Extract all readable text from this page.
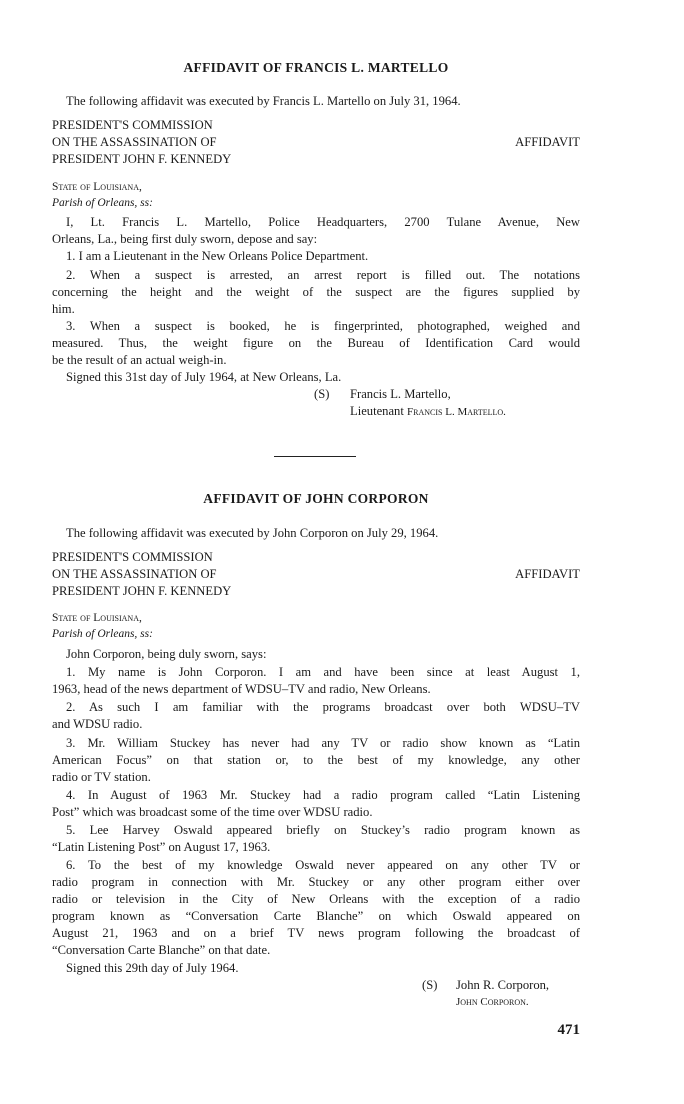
AFFIDAVIT OF FRANCIS L. MARTELLO
The following affidavit was executed by Francis L. Martello on July 31, 1964.
PRESIDENT'S COMMISSION
ON THE ASSASSINATION OF	AFFIDAVIT
PRESIDENT JOHN F. KENNEDY
State of Louisiana,
Parish of Orleans, ss:
I, Lt. Francis L. Martello, Police Headquarters, 2700 Tulane Avenue, New
Orleans, La., being first duly sworn, depose and say:
1. I am a Lieutenant in the New Orleans Police Department.
2. When a suspect is arrested, an arrest report is filled out. The notations
concerning the height and the weight of the suspect are the figures supplied by
him.
3. When a suspect is booked, he is fingerprinted, photographed, weighed and
measured. Thus, the weight figure on the Bureau of Identification Card would
be the result of an actual weigh-in.
Signed this 31st day of July 1964, at New Orleans, La.
(S) Francis L. Martello,
Lieutenant Francis L. Martello.
AFFIDAVIT OF JOHN CORPORON
The following affidavit was executed by John Corporon on July 29, 1964.
PRESIDENT'S COMMISSION
ON THE ASSASSINATION OF	AFFIDAVIT
PRESIDENT JOHN F. KENNEDY
State of Louisiana,
Parish of Orleans, ss:
John Corporon, being duly sworn, says:
1. My name is John Corporon. I am and have been since at least August 1,
1963, head of the news department of WDSU–TV and radio, New Orleans.
2. As such I am familiar with the programs broadcast over both WDSU–TV
and WDSU radio.
3. Mr. William Stuckey has never had any TV or radio show known as “Latin
American Focus” on that station or, to the best of my knowledge, any other
radio or TV station.
4. In August of 1963 Mr. Stuckey had a radio program called “Latin Listening
Post” which was broadcast some of the time over WDSU radio.
5. Lee Harvey Oswald appeared briefly on Stuckey’s radio program known as
“Latin Listening Post” on August 17, 1963.
6. To the best of my knowledge Oswald never appeared on any other TV or
radio program in connection with Mr. Stuckey or any other program either over
radio or television in the City of New Orleans with the exception of a radio
program known as “Conversation Carte Blanche” on which Oswald appeared on
August 21, 1963 and on a brief TV news program following the broadcast of
“Conversation Carte Blanche” on that date.
Signed this 29th day of July 1964.
(S) John R. Corporon,
John Corporon.
471
